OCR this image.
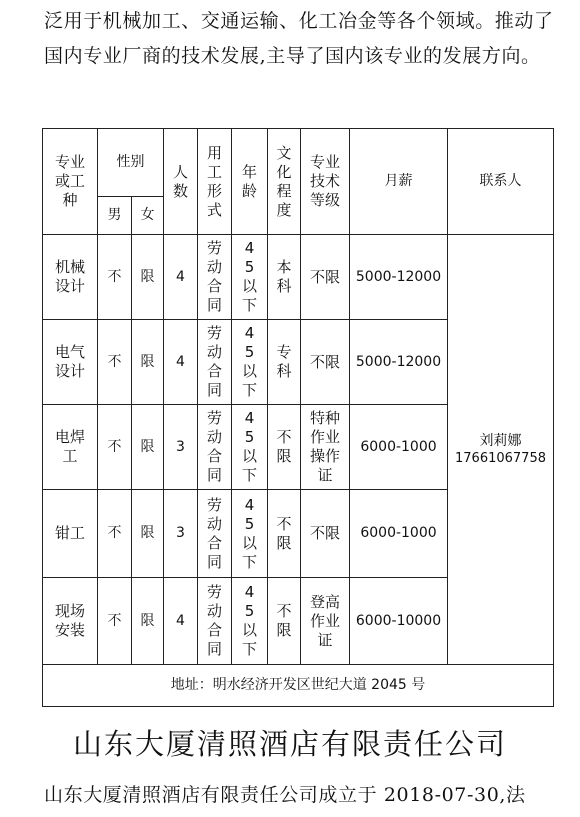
泛用于机械加工、交通运输、化工冶金等各个领域。推动了国内专业厂商的技术发展,主导了国内该专业的发展方向。

专业或工种	性别		人数	用工形式	年龄	文化程度	专业技术等级	月薪	联系人
	男	女							
机械设计	不	限	4	劳动合同	45以下	本科	不限	5000-12000	刘莉娜
17661067758

电气设计	不	限	4	劳动合同	45以下	专科	不限	5000-12000	
电焊工	不	限	3	劳动合同	45以下	不限	特种作业操作证	6000-1000	
钳工	不	限	3	劳动合同	45以下	不限	不限	6000-1000	
现场安装	不	限	4	劳动合同	45以下	不限	登高作业证	6000-10000	
地址：明水经济开发区世纪大道 2045 号									
山东大厦清照酒店有限责任公司

山东大厦清照酒店有限责任公司成立于 2018-07-30,法
